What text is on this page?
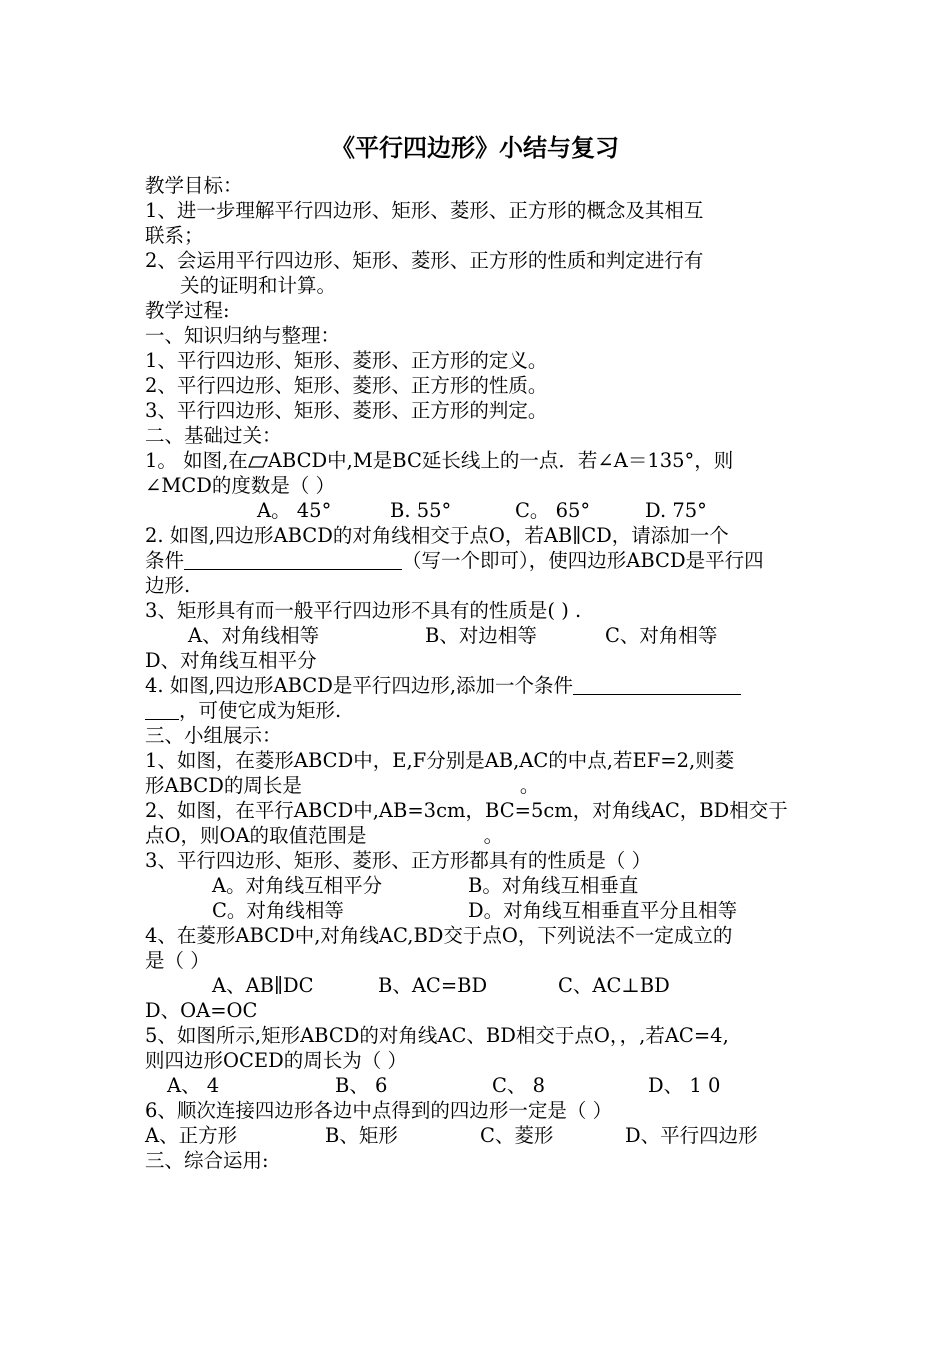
《平行四边形》小结与复习
教学目标：
1、进一步理解平行四边形、矩形、菱形、正方形的概念及其相互
联系；
2、会运用平行四边形、矩形、菱形、正方形的性质和判定进行有
关的证明和计算。
教学过程:
一、知识归纳与整理：
1、平行四边形、矩形、菱形、正方形的定义。
2、平行四边形、矩形、菱形、正方形的性质。
3、平行四边形、矩形、菱形、正方形的判定。
二、基础过关：
1。 如图,在 ABCD中,M是BC延长线上的一点．若∠A＝135°，则
∠MCD的度数是（ ）
A。 45°	B. 55°	C。 65°	D. 75°
2. 如图,四边形ABCD的对角线相交于点O，若AB∥CD，请添加一个
条件	（写一个即可），使四边形ABCD是平行四
边形.
3、矩形具有而一般平行四边形不具有的性质是( ) .
A、对角线相等	B、对边相等	C、对角相等
D、对角线互相平分
4. 如图,四边形ABCD是平行四边形,添加一个条件
，可使它成为矩形.
三、小组展示：
1、如图，在菱形ABCD中，E,F分别是AB,AC的中点,若EF=2,则菱
形ABCD的周长是	。
2、如图，在平行ABCD中,AB=3cm，BC=5cm，对角线AC，BD相交于
点O，则OA的取值范围是	。
3、平行四边形、矩形、菱形、正方形都具有的性质是（ ）
A。对角线互相平分	B。对角线互相垂直
C。对角线相等	D。对角线互相垂直平分且相等
4、在菱形ABCD中,对角线AC,BD交于点O，下列说法不一定成立的
是（ ）
A、AB∥DC	B、AC=BD	C、AC⊥BD
D、OA=OC
5、如图所示,矩形ABCD的对角线AC、BD相交于点O，，,若AC=4,
则四边形OCED的周长为（ ）
A、 4	B、 6	C、 8	D、 1 0
6、顺次连接四边形各边中点得到的四边形一定是（ ）
A、正方形	B、矩形	C、菱形	D、平行四边形
三、综合运用:
